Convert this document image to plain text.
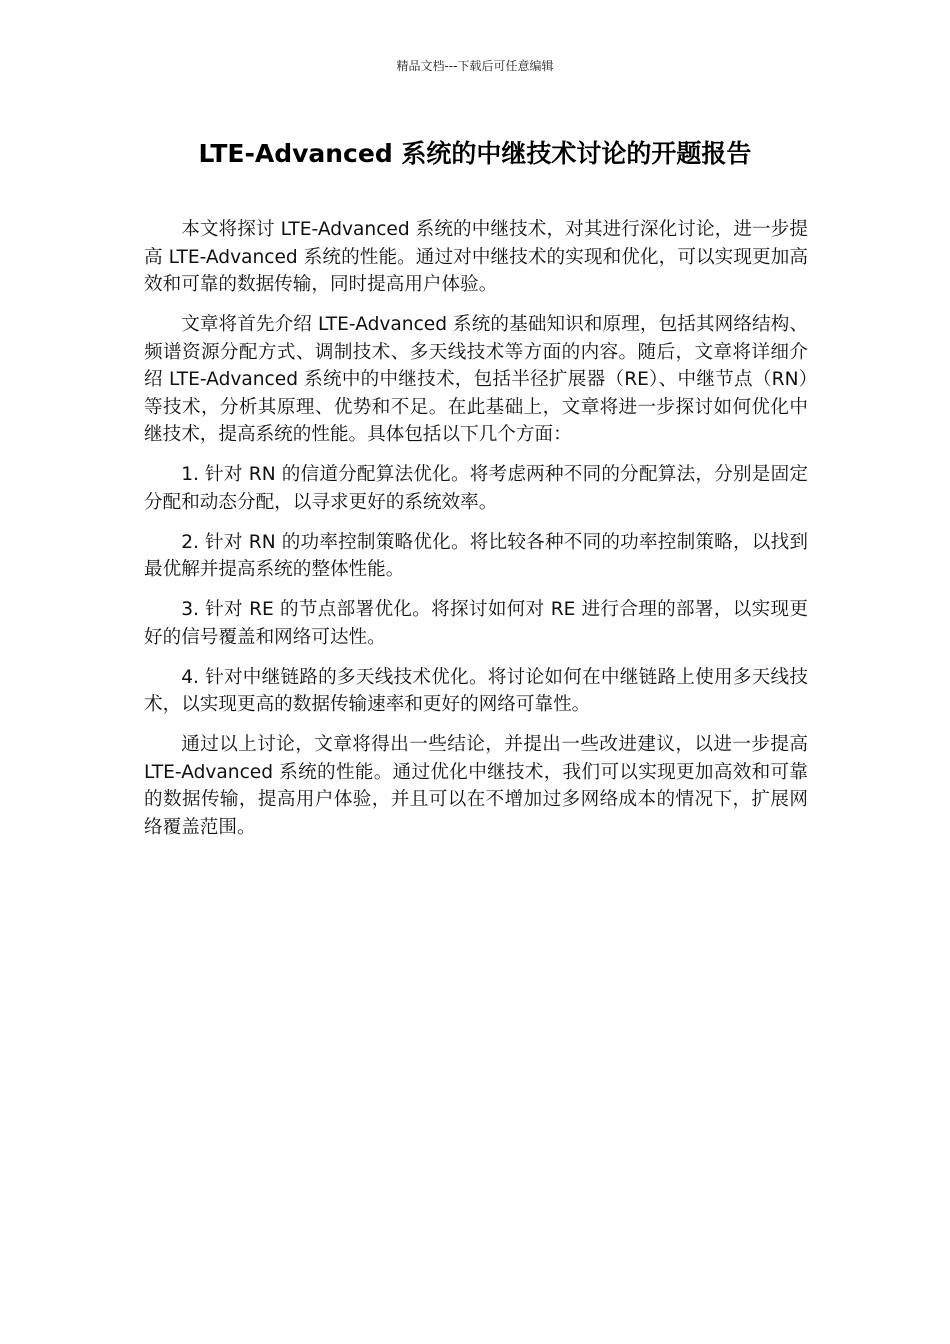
精品文档---下载后可任意编辑
LTE-Advanced 系统的中继技术讨论的开题报告

本文将探讨 LTE-Advanced 系统的中继技术，对其进行深化讨论，进一步提高 LTE-Advanced 系统的性能。通过对中继技术的实现和优化，可以实现更加高效和可靠的数据传输，同时提高用户体验。

文章将首先介绍 LTE-Advanced 系统的基础知识和原理，包括其网络结构、频谱资源分配方式、调制技术、多天线技术等方面的内容。随后，文章将详细介绍 LTE-Advanced 系统中的中继技术，包括半径扩展器（RE）、中继节点（RN）等技术，分析其原理、优势和不足。在此基础上，文章将进一步探讨如何优化中继技术，提高系统的性能。具体包括以下几个方面：

1. 针对 RN 的信道分配算法优化。将考虑两种不同的分配算法，分别是固定分配和动态分配，以寻求更好的系统效率。

2. 针对 RN 的功率控制策略优化。将比较各种不同的功率控制策略，以找到最优解并提高系统的整体性能。

3. 针对 RE 的节点部署优化。将探讨如何对 RE 进行合理的部署，以实现更好的信号覆盖和网络可达性。

4. 针对中继链路的多天线技术优化。将讨论如何在中继链路上使用多天线技术，以实现更高的数据传输速率和更好的网络可靠性。

通过以上讨论，文章将得出一些结论，并提出一些改进建议，以进一步提高 LTE-Advanced 系统的性能。通过优化中继技术，我们可以实现更加高效和可靠的数据传输，提高用户体验，并且可以在不增加过多网络成本的情况下，扩展网络覆盖范围。
